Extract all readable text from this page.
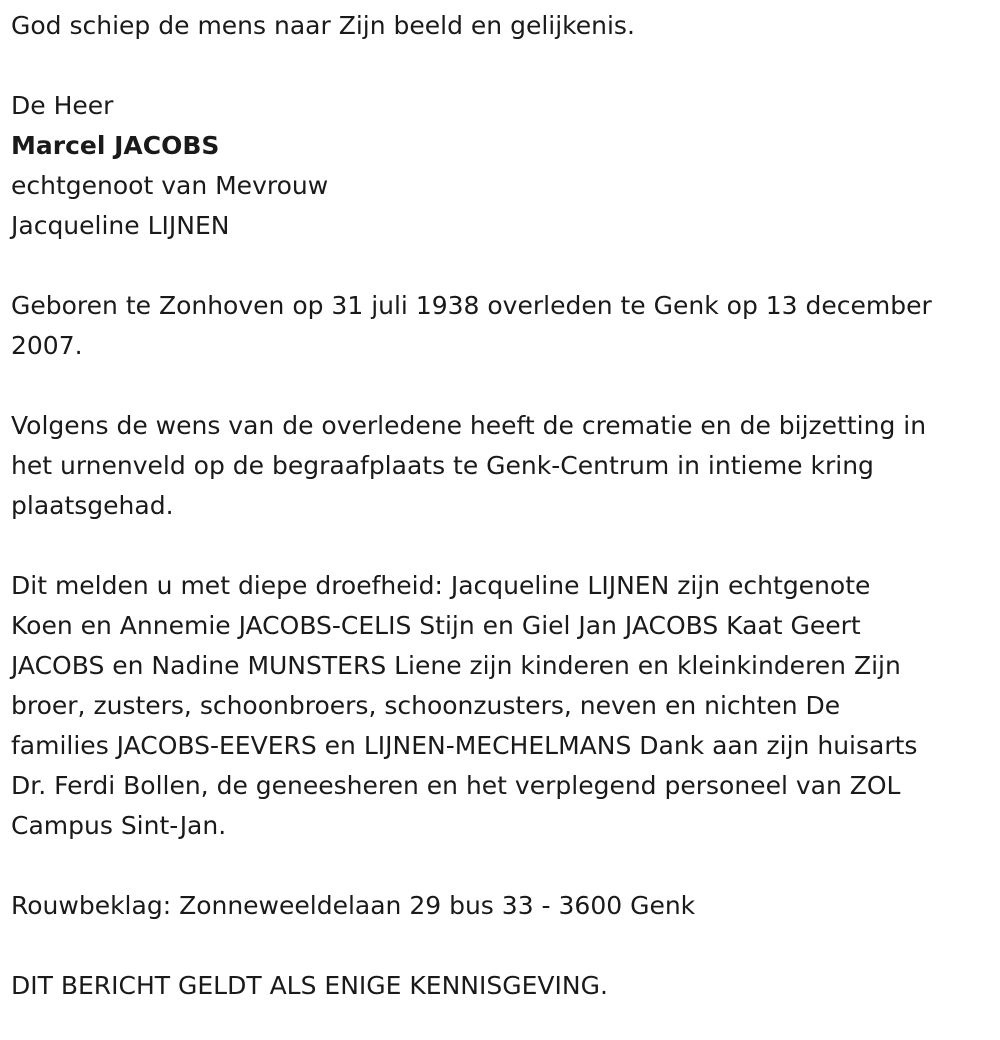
God schiep de mens naar Zijn beeld en gelijkenis.
De Heer
Marcel JACOBS
echtgenoot van Mevrouw
Jacqueline LIJNEN
Geboren te Zonhoven op 31 juli 1938 overleden te Genk op 13 december
2007.
Volgens de wens van de overledene heeft de crematie en de bijzetting in
het urnenveld op de begraafplaats te Genk-Centrum in intieme kring
plaatsgehad.
Dit melden u met diepe droefheid: Jacqueline LIJNEN zijn echtgenote
Koen en Annemie JACOBS-CELIS Stijn en Giel Jan JACOBS Kaat Geert
JACOBS en Nadine MUNSTERS Liene zijn kinderen en kleinkinderen Zijn
broer, zusters, schoonbroers, schoonzusters, neven en nichten De
families JACOBS-EEVERS en LIJNEN-MECHELMANS Dank aan zijn huisarts
Dr. Ferdi Bollen, de geneesheren en het verplegend personeel van ZOL
Campus Sint-Jan.
Rouwbeklag: Zonneweeldelaan 29 bus 33 - 3600 Genk
DIT BERICHT GELDT ALS ENIGE KENNISGEVING.
